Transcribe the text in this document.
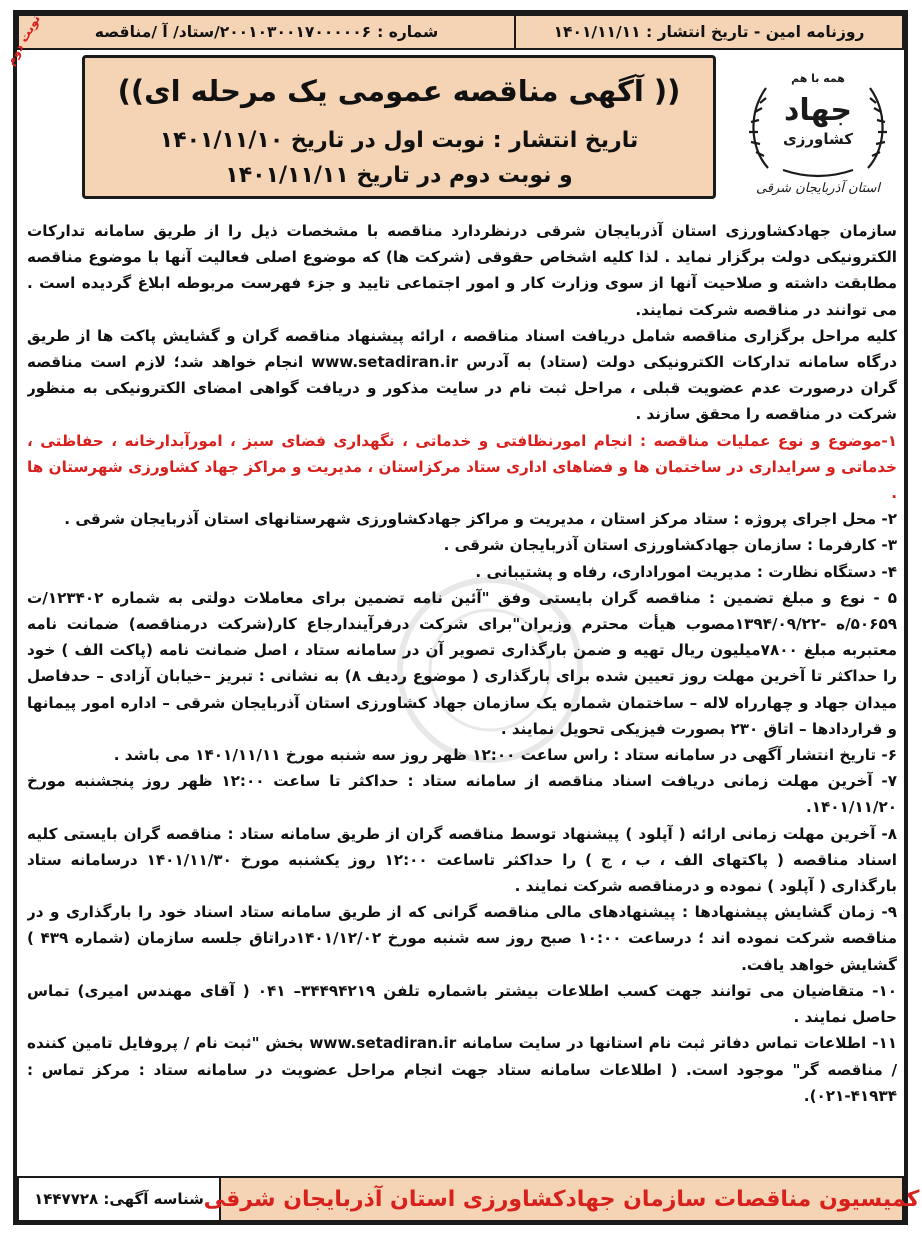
روزنامه امین - تاریخ انتشار : ۱۴۰۱/۱۱/۱۱
شماره :
۲۰۰۱۰۳۰۰۱۷۰۰۰۰۰۶/ستاد/ آ /مناقصه
نوبت دوم
(( آگهی مناقصه عمومی یک مرحله ای))
تاریخ انتشار : نوبت اول در تاریخ ۱۴۰۱/۱۱/۱۰
و نوبت دوم در تاریخ ۱۴۰۱/۱۱/۱۱
همه با هم
جهاد
کشاورزی
استان آذربایجان شرقی

سازمان جهادکشاورزی استان آذربایجان شرقی درنظردارد مناقصه با مشخصات ذیل را از طریق سامانه تدارکات الکترونیکی دولت برگزار نماید . لذا کلیه اشخاص حقوقی (شرکت ها) که موضوع اصلی فعالیت آنها با موضوع مناقصه مطابقت داشته و صلاحیت آنها از سوی وزارت کار و امور اجتماعی تایید و جزء فهرست مربوطه ابلاغ گردیده است . می توانند در مناقصه شرکت نمایند.

کلیه مراحل برگزاری مناقصه شامل دریافت اسناد مناقصه ، ارائه پیشنهاد مناقصه گران و گشایش پاکت ها از طریق درگاه سامانه تدارکات الکترونیکی دولت (ستاد) به آدرس www.setadiran.ir انجام خواهد شد؛ لازم است مناقصه گران درصورت عدم عضویت قبلی ، مراحل ثبت نام در سایت مذکور و دریافت گواهی امضای الکترونیکی به منظور شرکت در مناقصه را محقق سازند .

۱-موضوع و نوع عملیات مناقصه : انجام امورنظافتی و خدماتی ، نگهداری فضای سبز ، امورآبدارخانه ، حفاظتی ، خدماتی و سرایداری در ساختمان ها و فضاهای اداری ستاد مرکزاستان ، مدیریت و مراکز جهاد کشاورزی شهرستان ها .

۲- محل اجرای پروژه : ستاد مرکز استان ، مدیریت و مراکز جهادکشاورزی شهرستانهای استان آذربایجان شرقی .

۳- کارفرما : سازمان جهادکشاورزی استان آذربایجان شرقی .

۴- دستگاه نظارت : مدیریت اموراداری، رفاه و پشتیبانی .

۵ - نوع و مبلغ تضمین : مناقصه گران بایستی وفق "آئین نامه تضمین برای معاملات دولتی به شماره ۱۲۳۴۰۲/ت ۵۰۶۵۹/ه -۱۳۹۴/۰۹/۲۲مصوب هیأت محترم وزیران"برای شرکت درفرآیندارجاع کار(شرکت درمناقصه) ضمانت نامه معتبربه مبلغ ۷۸۰۰میلیون ریال تهیه و ضمن بارگذاری تصویر آن در سامانه ستاد ، اصل ضمانت نامه (پاکت الف ) خود را حداکثر تا آخرین مهلت روز تعیین شده برای بارگذاری ( موضوع ردیف ۸) به نشانی : تبریز –خیابان آزادی – حدفاصل میدان جهاد و چهارراه لاله – ساختمان شماره یک سازمان جهاد کشاورزی استان آذربایجان شرقی – اداره امور پیمانها و قراردادها – اتاق ۲۳۰ بصورت فیزیکی تحویل نمایند .

۶- تاریخ انتشار آگهی در سامانه ستاد : راس ساعت ۱۲:۰۰ ظهر روز سه شنبه مورخ ۱۴۰۱/۱۱/۱۱ می باشد .

۷- آخرین مهلت زمانی دریافت اسناد مناقصه از سامانه ستاد : حداکثر تا ساعت ۱۲:۰۰ ظهر روز پنجشنبه مورخ ۱۴۰۱/۱۱/۲۰.

۸- آخرین مهلت زمانی ارائه ( آپلود ) پیشنهاد توسط مناقصه گران از طریق سامانه ستاد : مناقصه گران بایستی کلیه اسناد مناقصه ( پاکتهای الف ، ب ، ج ) را حداکثر تاساعت ۱۲:۰۰ روز یکشنبه مورخ ۱۴۰۱/۱۱/۳۰ درسامانه ستاد بارگذاری ( آپلود ) نموده و درمناقصه شرکت نمایند .

۹- زمان گشایش پیشنهادها : پیشنهادهای مالی مناقصه گرانی که از طریق سامانه ستاد اسناد خود را بارگذاری و در مناقصه شرکت نموده اند ؛ درساعت ۱۰:۰۰ صبح روز سه شنبه مورخ ۱۴۰۱/۱۲/۰۲دراتاق جلسه سازمان (شماره ۴۳۹ ) گشایش خواهد یافت.

۱۰- متقاضیان می توانند جهت کسب اطلاعات بیشتر باشماره تلفن ۳۴۴۹۴۲۱۹– ۰۴۱ ( آقای مهندس امیری) تماس حاصل نمایند .

۱۱- اطلاعات تماس دفاتر ثبت نام استانها در سایت سامانه www.setadiran.ir بخش "ثبت نام / پروفایل تامین کننده / مناقصه گر" موجود است. ( اطلاعات سامانه ستاد جهت انجام مراحل عضویت در سامانه ستاد : مرکز تماس : ۴۱۹۳۴-۰۲۱).

کمیسیون مناقصات سازمان جهادکشاورزی استان آذربایجان شرقی
شناسه آگهی: ۱۴۴۷۷۲۸
